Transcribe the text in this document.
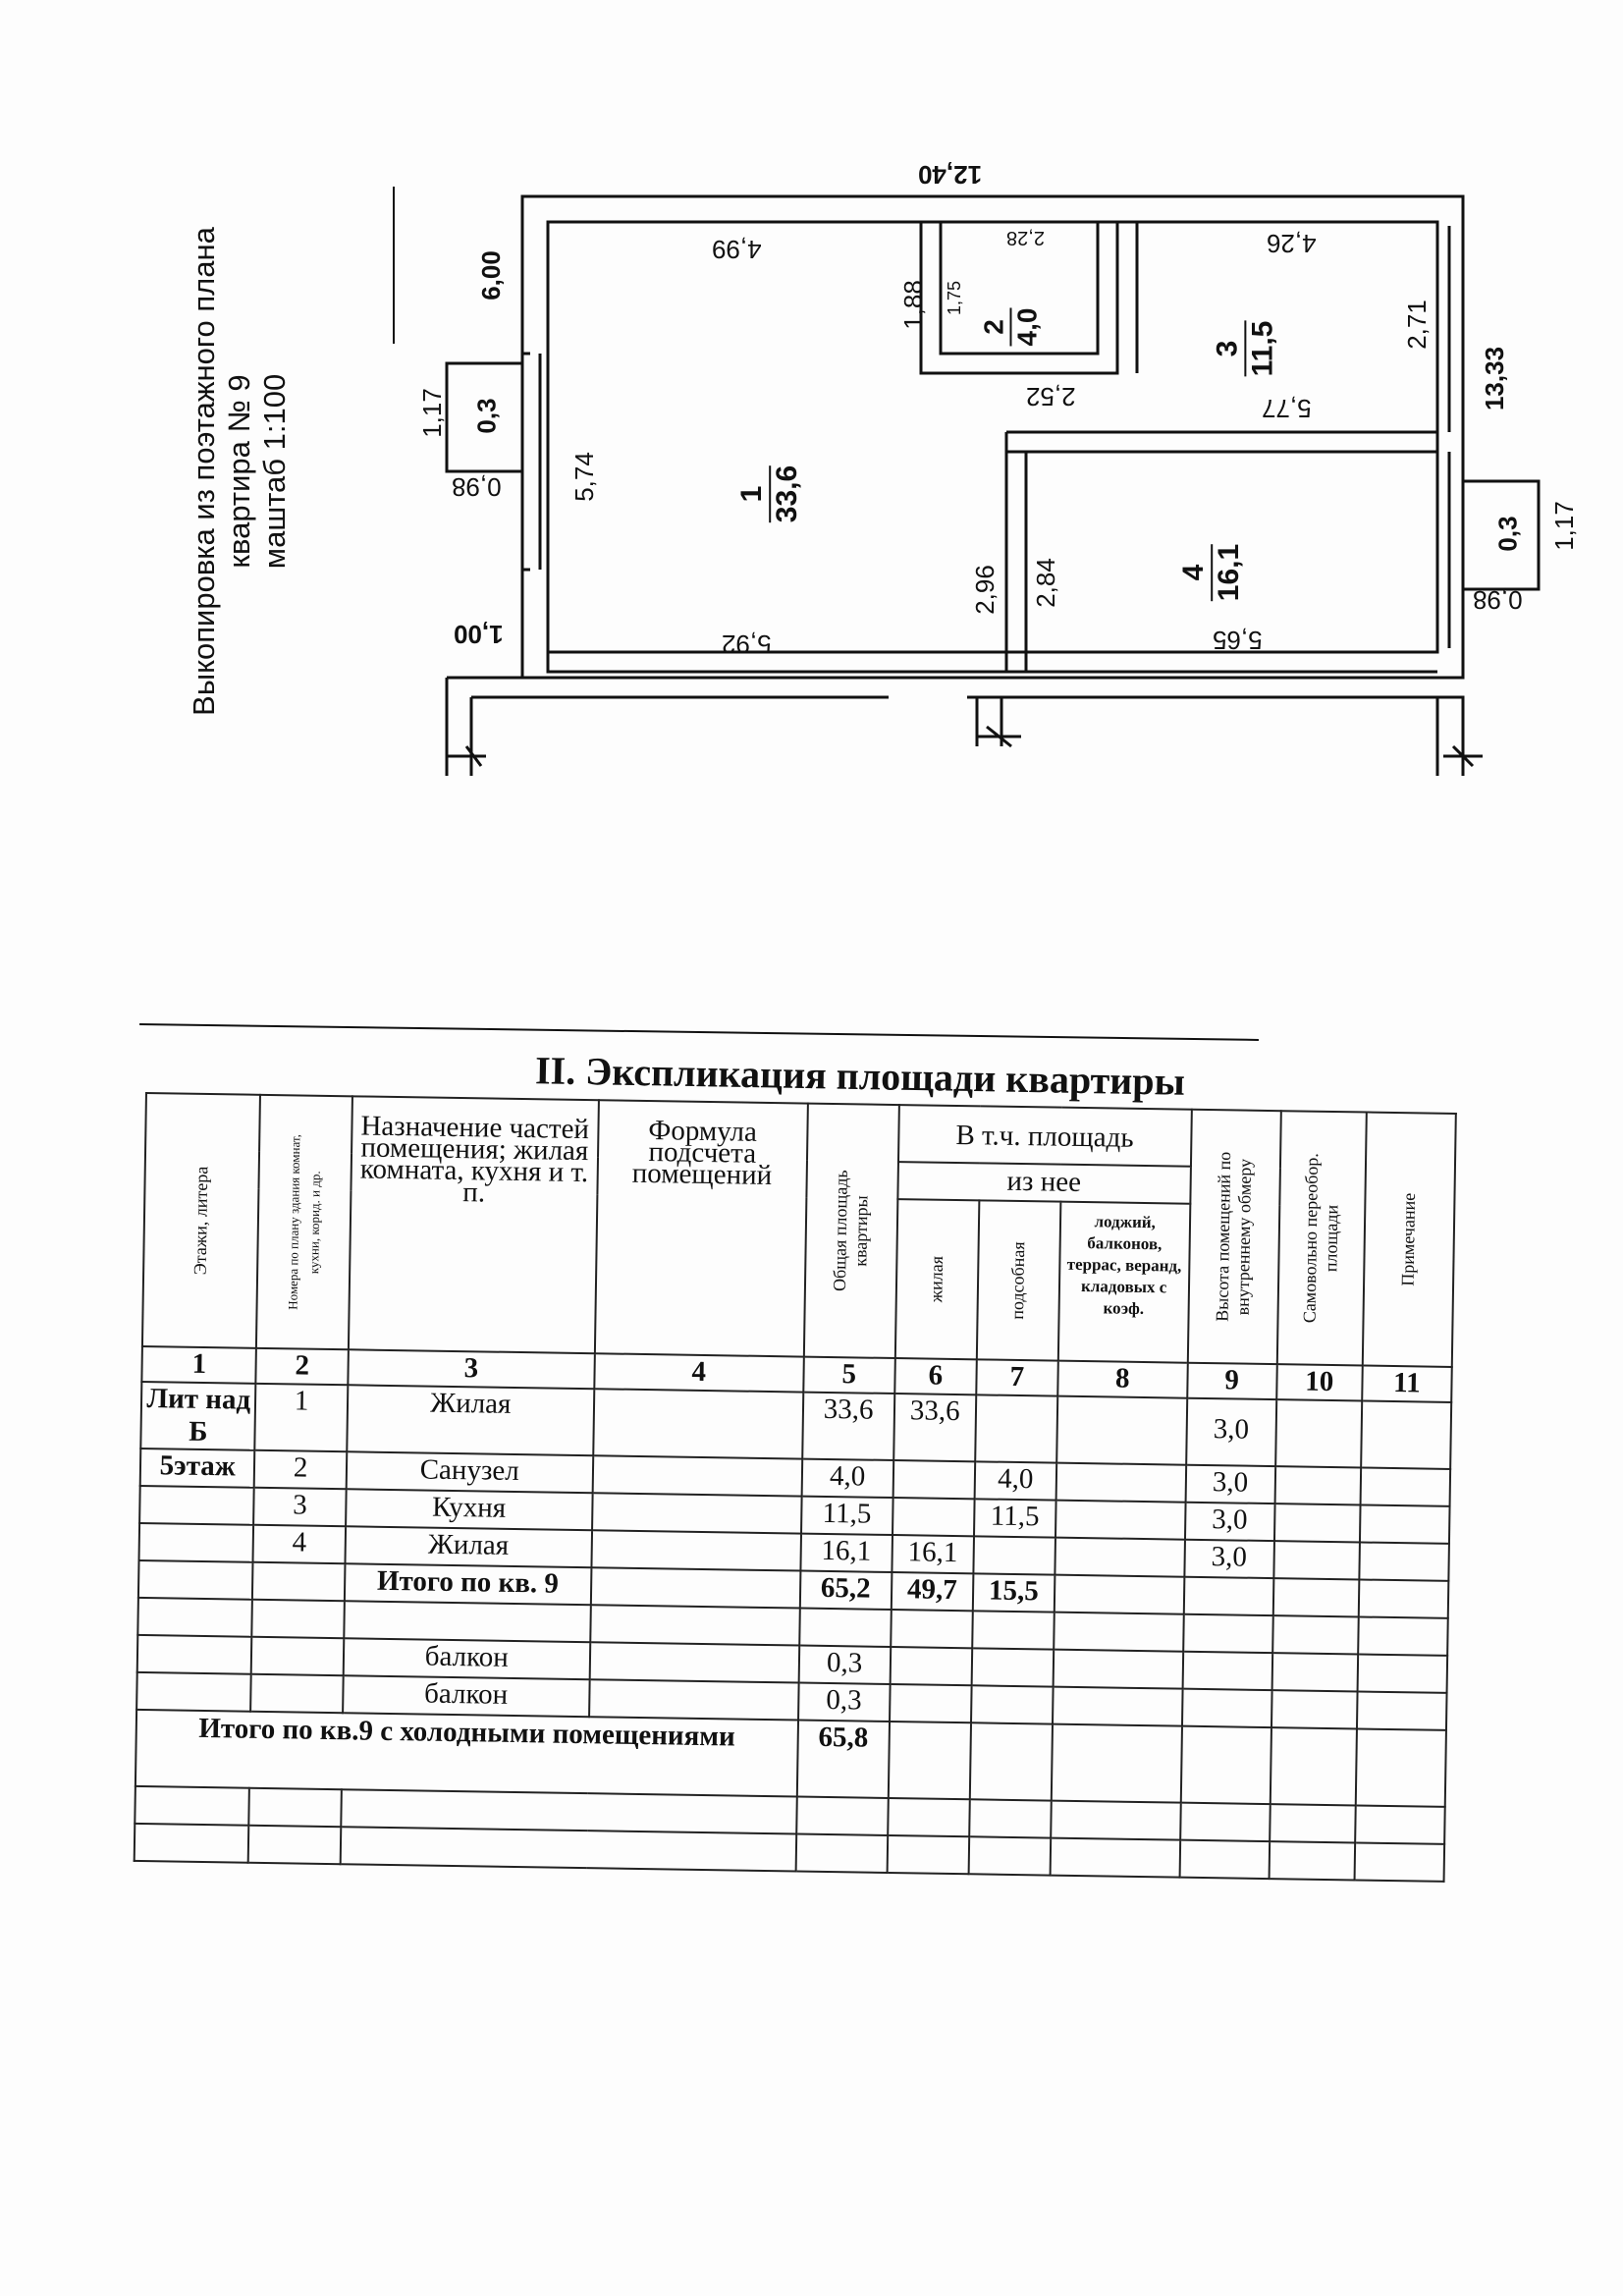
Выкопировка из поэтажного плана квартира № 9 маштаб 1:100
12,40
13,33
6,00
1,00
1,17
0,98
0,3
1,17
0,98
0,3
4,99
5,74
5,92
1,88
2,96
2,28
1,75
2,52
4,26
2,71
5,77
2,84
5,65
1 33,6
2 4,0
3 11,5
4 16,1
II. Экспликация площади квартиры
Этажи, литера	Номера по плану здания комнат, кухни, корид. и др.	Назначение частей помещения; жилая комната, кухня и т. п.	Формула подсчета помещений	Общая площадь квартиры	В т.ч. площадь			Высота помещений по внутреннему обмеру	Самовольно переобор. площади	Примечание

					из нее					

					жилая	подсобная	лоджий, балконов, террас, веранд, кладовых с коэф.			
1	2	3	4	5	6	7	8	9	10	11
Лит над Б	1	Жилая		33,6	33,6			3,0		
5этаж	2	Санузел		4,0		4,0		3,0		
	3	Кухня		11,5		11,5		3,0		
	4	Жилая		16,1	16,1			3,0		
		Итого по кв. 9		65,2	49,7	15,5				

		балкон		0,3						
		балкон		0,3						
Итого по кв.9 с холодными помещениями				65,8						
